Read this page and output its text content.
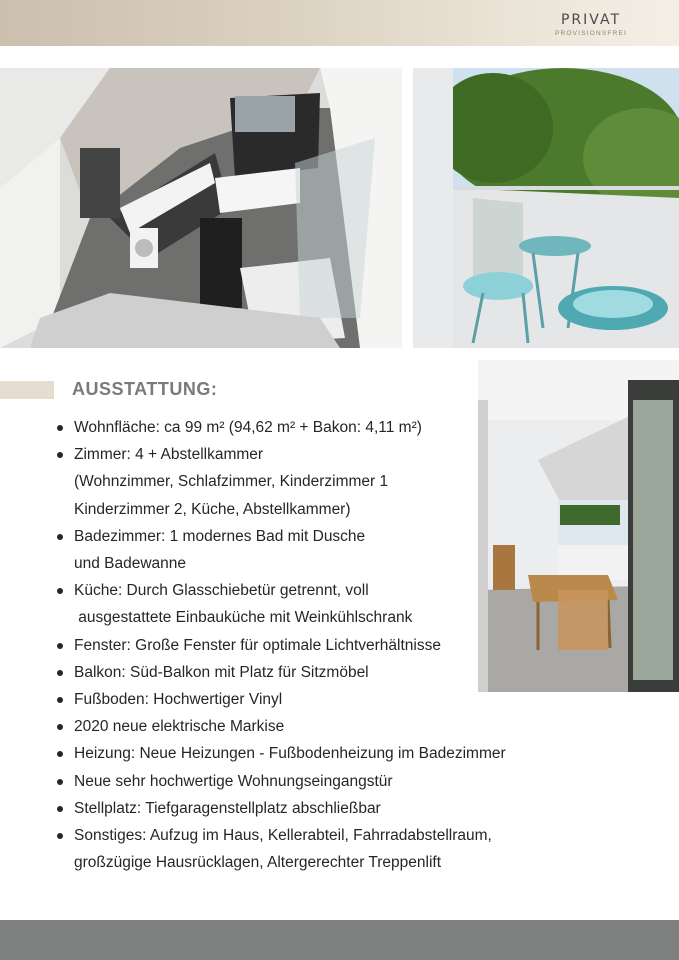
PRIVAT
PROVISIONSFREI
AUSSTATTUNG:
Wohnfläche: ca 99 m² (94,62 m² + Bakon: 4,11 m²)
Zimmer: 4 + Abstellkammer
(Wohnzimmer, Schlafzimmer, Kinderzimmer 1
Kinderzimmer 2, Küche, Abstellkammer)
Badezimmer: 1 modernes Bad mit Dusche
und Badewanne
Küche: Durch Glasschiebetür getrennt, voll
ausgestattete Einbauküche mit Weinkühlschrank
Fenster: Große Fenster für optimale Lichtverhältnisse
Balkon: Süd-Balkon mit Platz für Sitzmöbel
Fußboden: Hochwertiger Vinyl
2020 neue elektrische Markise
Heizung: Neue Heizungen - Fußbodenheizung im Badezimmer
Neue sehr hochwertige Wohnungseingangstür
Stellplatz: Tiefgaragenstellplatz abschließbar
Sonstiges: Aufzug im Haus, Kellerabteil, Fahrradabstellraum,
großzügige Hausrücklagen, Altergerechter Treppenlift
